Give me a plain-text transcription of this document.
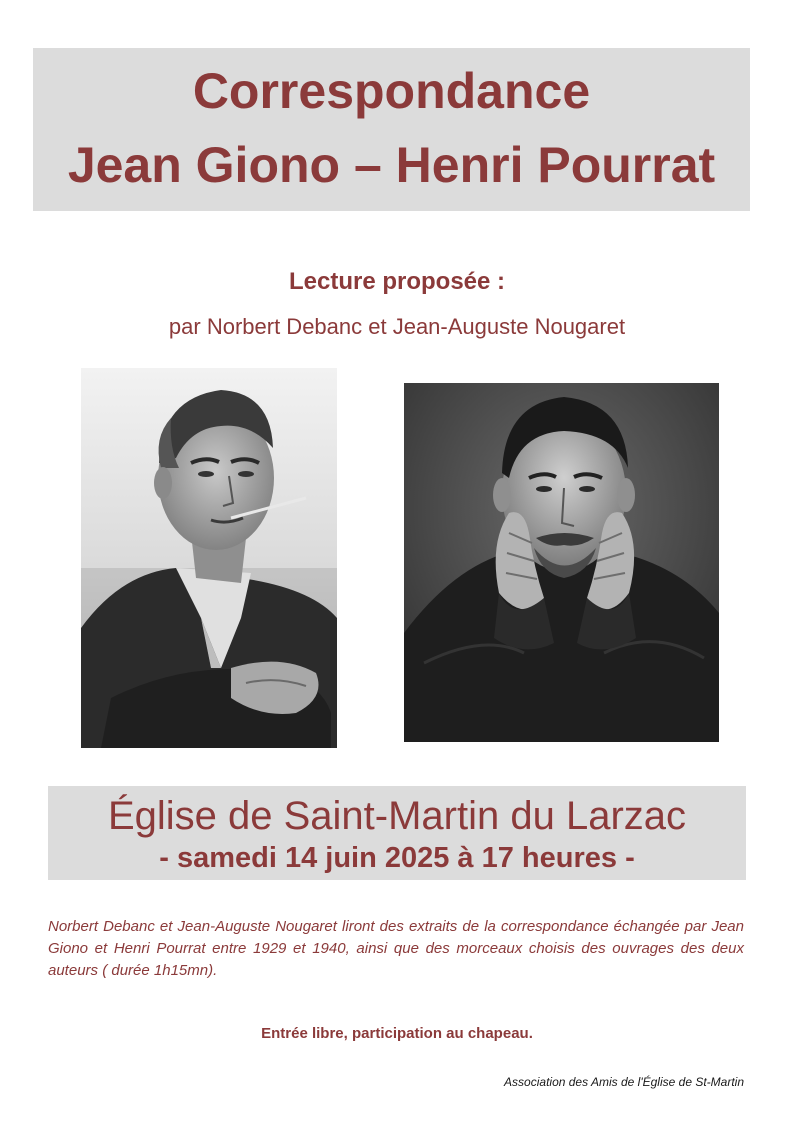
Correspondance
Jean Giono – Henri Pourrat
Lecture proposée :
par Norbert Debanc et Jean-Auguste Nougaret
Église de Saint-Martin du Larzac
- samedi 14 juin 2025 à 17 heures -
Norbert Debanc et Jean-Auguste Nougaret liront des extraits de la correspondance échangée par Jean Giono et Henri Pourrat entre 1929 et 1940, ainsi que des morceaux choisis des ouvrages des deux auteurs ( durée 1h15mn).
Entrée libre, participation au chapeau.
Association des Amis de l'Église de St-Martin
